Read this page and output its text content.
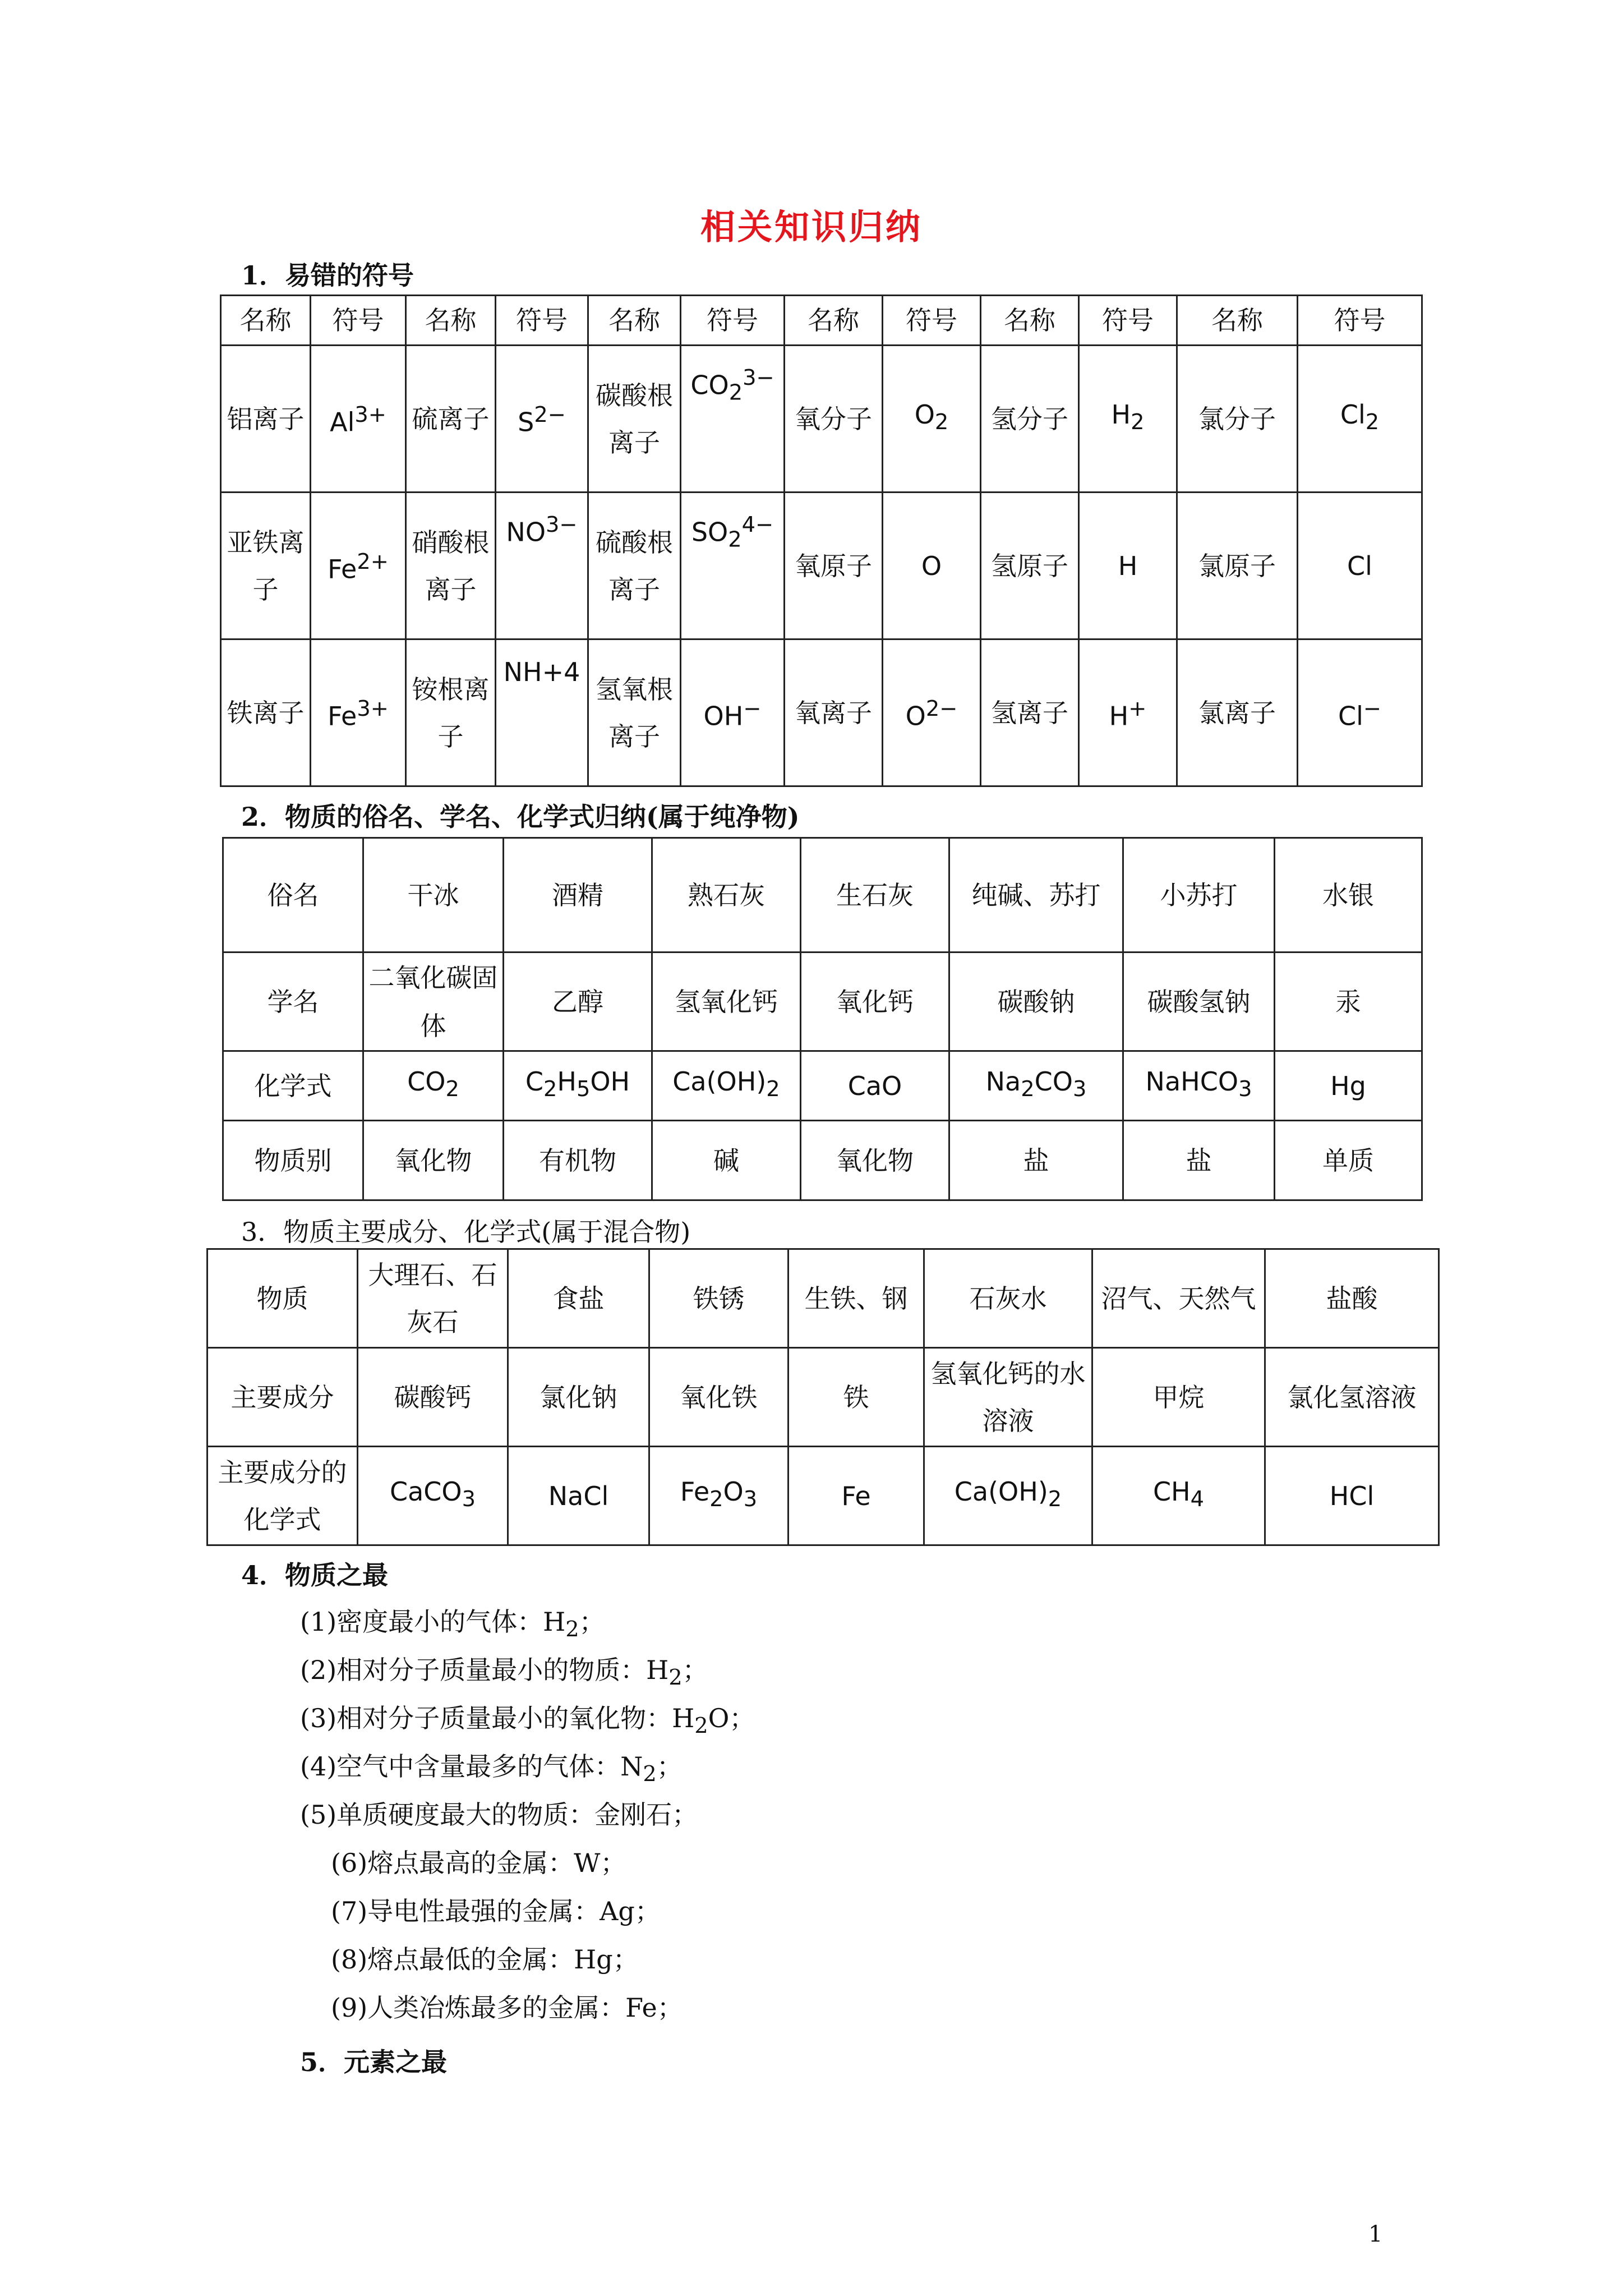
相关知识归纳
1．易错的符号
名称	符号	名称	符号	名称	符号	名称	符号	名称	符号	名称	符号
铝离子	$Al^{3+}$	硫离子	$S^{2-}$	碳酸根离子	$CO_2^{3-}$	氧分子	$O_2$	氢分子	$H_2$	氯分子	$Cl_2$
亚铁离子	$Fe^{2+}$	硝酸根离子	$NO^{3-}$	硫酸根离子	$SO_2^{4-}$	氧原子	O	氢原子	H	氯原子	Cl
铁离子	$Fe^{3+}$	铵根离子	NH+4	氢氧根离子	OH−	氧离子	$O^{2-}$	氢离子	H+	氯离子	Cl−
2．物质的俗名、学名、化学式归纳(属于纯净物)
俗名	干冰	酒精	熟石灰	生石灰	纯碱、苏打	小苏打	水银
学名	二氧化碳固体	乙醇	氢氧化钙	氧化钙	碳酸钠	碳酸氢钠	汞
化学式	$CO_2$	$C_2H_5OH$	$Ca(OH)_2$	CaO	$Na_2CO_3$	NaHCO$_3$	Hg
物质别	氧化物	有机物	碱	氧化物	盐	盐	单质
3．物质主要成分、化学式(属于混合物)
物质	大理石、石灰石	食盐	铁锈	生铁、钢	石灰水	沼气、天然气	盐酸
主要成分	碳酸钙	氯化钠	氧化铁	铁	氢氧化钙的水溶液	甲烷	氯化氢溶液
主要成分的化学式	CaCO$_3$	NaCl	$Fe_2O_3$	Fe	$Ca(OH)_2$	$CH_4$	HCl
4．物质之最
(1)密度最小的气体：$H_2$；
(2)相对分子质量最小的物质：$H_2$；
(3)相对分子质量最小的氧化物：$H_2O$；
(4)空气中含量最多的气体：$N_2$；
(5)单质硬度最大的物质：金刚石；
(6)熔点最高的金属：W；
(7)导电性最强的金属：Ag；
(8)熔点最低的金属：Hg；
(9)人类冶炼最多的金属：Fe；
5．元素之最
1
